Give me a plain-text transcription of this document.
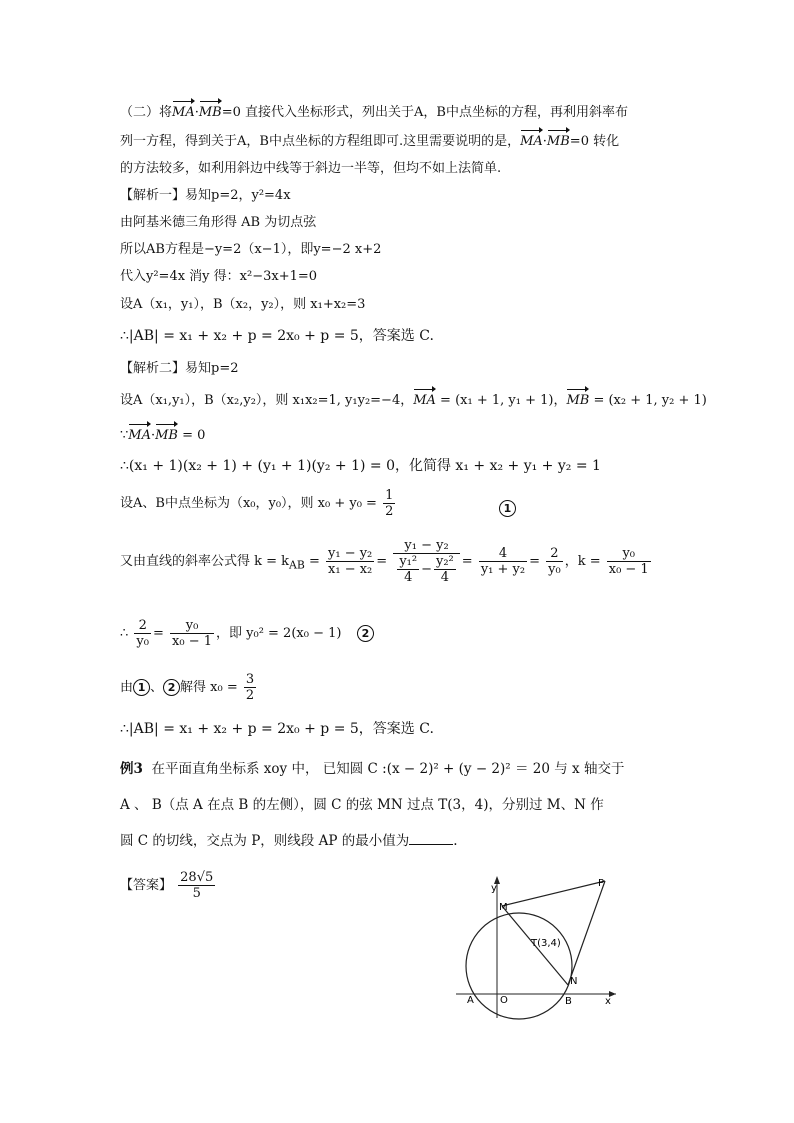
（二）将MA·MB=0 直接代入坐标形式，列出关于A，B中点坐标的方程，再利用斜率布
列一方程，得到关于A，B中点坐标的方程组即可.这里需要说明的是，MA·MB=0 转化
的方法较多，如利用斜边中线等于斜边一半等，但均不如上法简单.
【解析一】易知p=2，y²=4x
由阿基米德三角形得 AB 为切点弦
所以AB方程是−y=2（x−1），即y=−2 x+2
代入y²=4x 消y 得：x²−3x+1=0
设A（x₁，y₁），B（x₂，y₂），则 x₁+x₂=3
∴|AB| = x₁ + x₂ + p = 2x₀ + p = 5，答案选 C.
【解析二】易知p=2
设A（x₁,y₁），B（x₂,y₂），则 x₁x₂=1, y₁y₂=−4，MA = (x₁ + 1, y₁ + 1)，MB = (x₂ + 1, y₂ + 1)
∵MA·MB = 0
∴(x₁ + 1)(x₂ + 1) + (y₁ + 1)(y₂ + 1) = 0，化简得 x₁ + x₂ + y₁ + y₂ = 1
设A、B中点坐标为（x₀，y₀），则 $x_0 + y_0 = \frac{1}{2}$	1
又由直线的斜率公式得 $k = k_{AB} = \frac{\text{y₁ − y₂}}{\text{x₁ − x₂}} = \frac{\text{y₁ − y₂}}{\frac{\text{y₁²}}{4} - \frac{\text{y₂²}}{4}} = \frac{4}{\text{y₁ + y₂}} = \frac{2}{\text{y₀}}$ ，$k = \frac{\text{y₀}}{\text{x₀ − 1}}$
∴ $\frac{2}{\text{y₀}} = \frac{\text{y₀}}{\text{x₀ − 1}}$ ，即 y₀² = 2(x₀ − 1)	2
由 1 、 2 解得 $x_0 = \frac{3}{2}$
∴|AB| = x₁ + x₂ + p = 2x₀ + p = 5，答案选 C.
例3 在平面直角坐标系 xoy 中， 已知圆 C :(x − 2)² + (y − 2)² ＝ 20 与 x 轴交于
A 、 B（点 A 在点 B 的左侧），圆 C 的弦 MN 过点 T(3，4)，分别过 M、N 作
圆 C 的切线，交点为 P，则线段 AP 的最小值为	.
【答案】 $\frac{28√5}{5}$	y
x
P
M
T(3,4)
N
A	O	B
